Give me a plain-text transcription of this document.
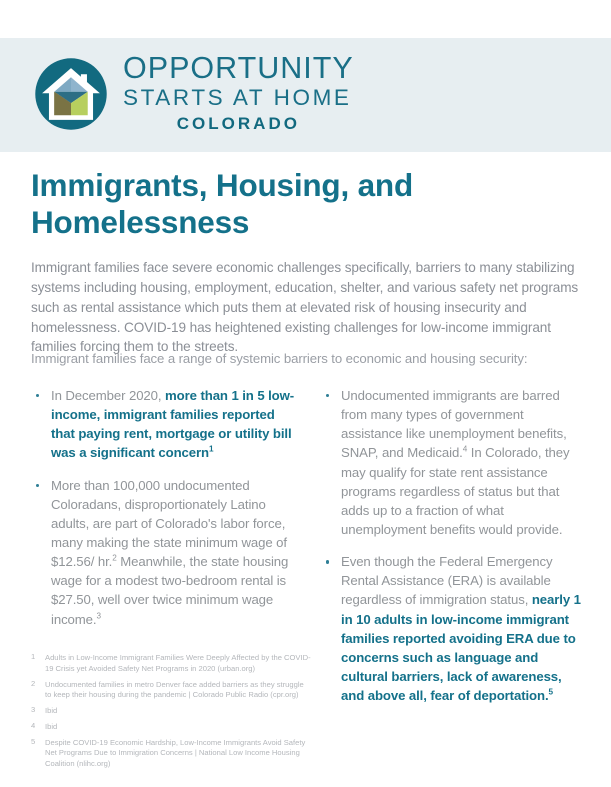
OPPORTUNITY
STARTS AT HOME
COLORADO
Immigrants, Housing, and Homelessness
Immigrant families face severe economic challenges specifically, barriers to many stabilizing systems including housing, employment, education, shelter, and various safety net programs such as rental assistance which puts them at elevated risk of housing insecurity and homelessness. COVID-19 has heightened existing challenges for low-income immigrant families forcing them to the streets.
Immigrant families face a range of systemic barriers to economic and housing security:
In December 2020, more than 1 in 5 low-income, immigrant families reported that paying rent, mortgage or utility bill was a significant concern$^1$
More than 100,000 undocumented Coloradans, disproportionately Latino adults, are part of Colorado's labor force, many making the state minimum wage of $12.56/ hr.$^2$ Meanwhile, the state housing wage for a modest two-bedroom rental is $27.50, well over twice minimum wage income.$^3$
Undocumented immigrants are barred from many types of government assistance like unemployment benefits, SNAP, and Medicaid.$^4$ In Colorado, they may qualify for state rent assistance programs regardless of status but that adds up to a fraction of what unemployment benefits would provide.
Even though the Federal Emergency Rental Assistance (ERA) is available regardless of immigration status, nearly 1 in 10 adults in low-income immigrant families reported avoiding ERA due to concerns such as language and cultural barriers, lack of awareness, and above all, fear of deportation.$^5$
1 Adults in Low-Income Immigrant Families Were Deeply Affected by the COVID-19 Crisis yet Avoided Safety Net Programs in 2020 (urban.org)
2 Undocumented families in metro Denver face added barriers as they struggle to keep their housing during the pandemic | Colorado Public Radio (cpr.org)
3 Ibid
4 Ibid
5 Despite COVID-19 Economic Hardship, Low-Income Immigrants Avoid Safety Net Programs Due to Immigration Concerns | National Low Income Housing Coalition (nlihc.org)
